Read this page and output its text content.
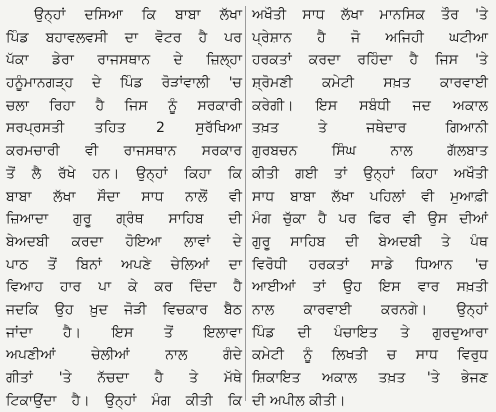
ਉਨ੍ਹਾਂ ਦਸਿਆ ਕਿ ਬਾਬਾ ਲੱਖਾ
ਪਿੰਡ ਬਹਾਵਲਵਸੀ ਦਾ ਵੋਟਰ ਹੈ ਪਰ
ਪੱਕਾ ਡੇਰਾ ਰਾਜਸਥਾਨ ਦੇ ਜ਼ਿਲ੍ਹਾ
ਹਨੂੰਮਾਨਗੜ੍ਹ ਦੇ ਪਿੰਡ ਰੋੜਾਂਵਾਲੀ 'ਚ
ਚਲਾ ਰਿਹਾ ਹੈ ਜਿਸ ਨੂੰ ਸਰਕਾਰੀ
ਸਰਪ੍ਰਸਤੀ ਤਹਿਤ 2 ਸੁਰੱਖਿਆ
ਕਰਮਚਾਰੀ ਵੀ ਰਾਜਸਥਾਨ ਸਰਕਾਰ
ਤੋਂ ਲੈ ਰੱਖੇ ਹਨ। ਉਨ੍ਹਾਂ ਕਿਹਾ ਕਿ
ਬਾਬਾ ਲੱਖਾ ਸੌਦਾ ਸਾਧ ਨਾਲੋਂ ਵੀ
ਜ਼ਿਆਦਾ ਗੁਰੂ ਗ੍ਰੰਥ ਸਾਹਿਬ ਦੀ
ਬੇਅਦਬੀ ਕਰਦਾ ਹੋਇਆ ਲਾਵਾਂ ਦੇ
ਪਾਠ ਤੋਂ ਬਿਨਾਂ ਅਪਣੇ ਚੇਲਿਆਂ ਦਾ
ਵਿਆਹ ਹਾਰ ਪਾ ਕੇ ਕਰ ਦਿੰਦਾ ਹੈ
ਜਦਕਿ ਉਹ ਖ਼ੁਦ ਜੋੜੀ ਵਿਚਕਾਰ ਬੈਠ
ਜਾਂਦਾ ਹੈ। ਇਸ ਤੋਂ ਇਲਾਵਾ
ਅਪਣੀਆਂ ਚੇਲੀਆਂ ਨਾਲ ਗੰਦੇ
ਗੀਤਾਂ 'ਤੇ ਨੱਚਦਾ ਹੈ ਤੇ ਮੱਥੇ
ਟਿਕਾਉਂਦਾ ਹੈ। ਉਨ੍ਹਾਂ ਮੰਗ ਕੀਤੀ ਕਿ
ਅਖੌਤੀ ਸਾਧ ਲੱਖਾ ਮਾਨਸਿਕ ਤੌਰ 'ਤੇ
ਪ੍ਰੇਸ਼ਾਨ ਹੈ ਜੋ ਅਜਿਹੀ ਘਟੀਆ
ਹਰਕਤਾਂ ਕਰਦਾ ਰਹਿੰਦਾ ਹੈ ਜਿਸ 'ਤੇ
ਸ਼੍ਰੋਮਣੀ ਕਮੇਟੀ ਸਖ਼ਤ ਕਾਰਵਾਈ
ਕਰੇਗੀ। ਇਸ ਸਬੰਧੀ ਜਦ ਅਕਾਲ
ਤਖ਼ਤ ਤੇ ਜਥੇਦਾਰ ਗਿਆਨੀ
ਗੁਰਬਚਨ ਸਿੰਘ ਨਾਲ ਗੱਲਬਾਤ
ਕੀਤੀ ਗਈ ਤਾਂ ਉਨ੍ਹਾਂ ਕਿਹਾ ਅਖੌਤੀ
ਸਾਧ ਬਾਬਾ ਲੱਖਾ ਪਹਿਲਾਂ ਵੀ ਮੁਆਫ਼ੀ
ਮੰਗ ਚੁੱਕਾ ਹੈ ਪਰ ਫਿਰ ਵੀ ਉਸ ਦੀਆਂ
ਗੁਰੂ ਸਾਹਿਬ ਦੀ ਬੇਅਦਬੀ ਤੇ ਪੰਥ
ਵਿਰੋਧੀ ਹਰਕਤਾਂ ਸਾਡੇ ਧਿਆਨ 'ਚ
ਆਈਆਂ ਤਾਂ ਉਹ ਇਸ ਵਾਰ ਸਖ਼ਤੀ
ਨਾਲ ਕਾਰਵਾਈ ਕਰਨਗੇ। ਉਨ੍ਹਾਂ
ਪਿੰਡ ਦੀ ਪੰਚਾਇਤ ਤੇ ਗੁਰਦੁਆਰਾ
ਕਮੇਟੀ ਨੂੰ ਲਿਖਤੀ ਚ ਸਾਧ ਵਿਰੁਧ
ਸ਼ਿਕਾਇਤ ਅਕਾਲ ਤਖ਼ਤ 'ਤੇ ਭੇਜਣ
ਦੀ ਅਪੀਲ ਕੀਤੀ।
